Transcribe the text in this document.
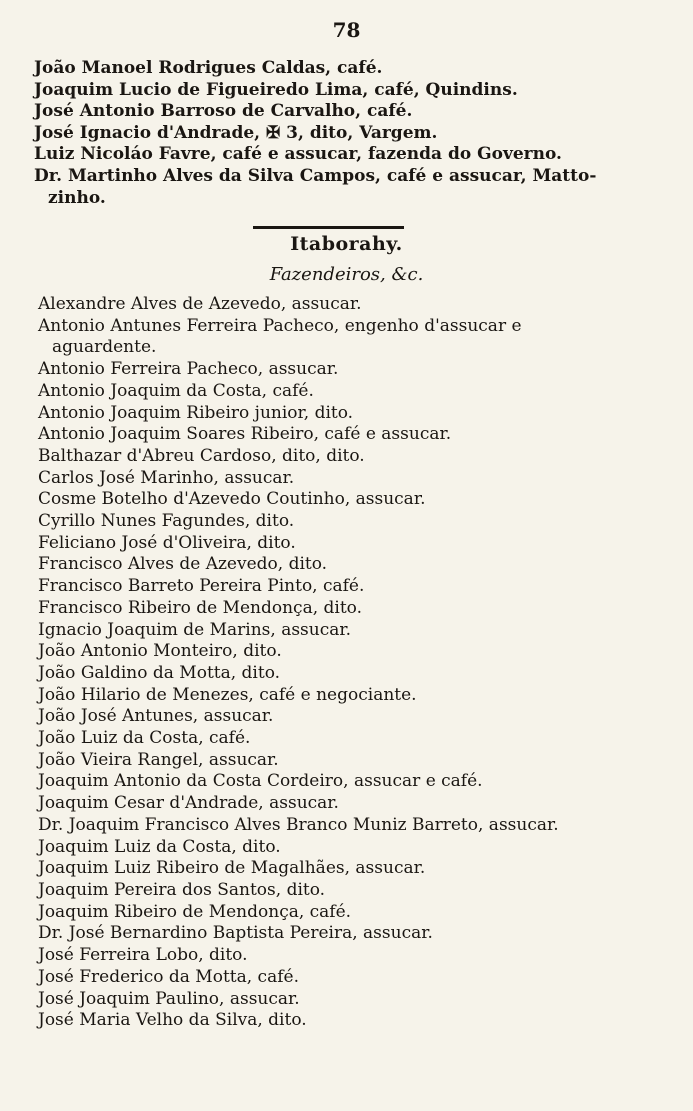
78
João Manoel Rodrigues Caldas, café.
Joaquim Lucio de Figueiredo Lima, café, Quindins.
José Antonio Barroso de Carvalho, café.
José Ignacio d'Andrade, ✠ 3, dito, Vargem.
Luiz Nicoláo Favre, café e assucar, fazenda do Governo.
Dr. Martinho Alves da Silva Campos, café e assucar, Matto-
zinho.
Itaborahy.
Fazendeiros, &c.
Alexandre Alves de Azevedo, assucar.
Antonio Antunes Ferreira Pacheco, engenho d'assucar e
aguardente.
Antonio Ferreira Pacheco, assucar.
Antonio Joaquim da Costa, café.
Antonio Joaquim Ribeiro junior, dito.
Antonio Joaquim Soares Ribeiro, café e assucar.
Balthazar d'Abreu Cardoso, dito, dito.
Carlos José Marinho, assucar.
Cosme Botelho d'Azevedo Coutinho, assucar.
Cyrillo Nunes Fagundes, dito.
Feliciano José d'Oliveira, dito.
Francisco Alves de Azevedo, dito.
Francisco Barreto Pereira Pinto, café.
Francisco Ribeiro de Mendonça, dito.
Ignacio Joaquim de Marins, assucar.
João Antonio Monteiro, dito.
João Galdino da Motta, dito.
João Hilario de Menezes, café e negociante.
João José Antunes, assucar.
João Luiz da Costa, café.
João Vieira Rangel, assucar.
Joaquim Antonio da Costa Cordeiro, assucar e café.
Joaquim Cesar d'Andrade, assucar.
Dr. Joaquim Francisco Alves Branco Muniz Barreto, assucar.
Joaquim Luiz da Costa, dito.
Joaquim Luiz Ribeiro de Magalhães, assucar.
Joaquim Pereira dos Santos, dito.
Joaquim Ribeiro de Mendonça, café.
Dr. José Bernardino Baptista Pereira, assucar.
José Ferreira Lobo, dito.
José Frederico da Motta, café.
José Joaquim Paulino, assucar.
José Maria Velho da Silva, dito.
